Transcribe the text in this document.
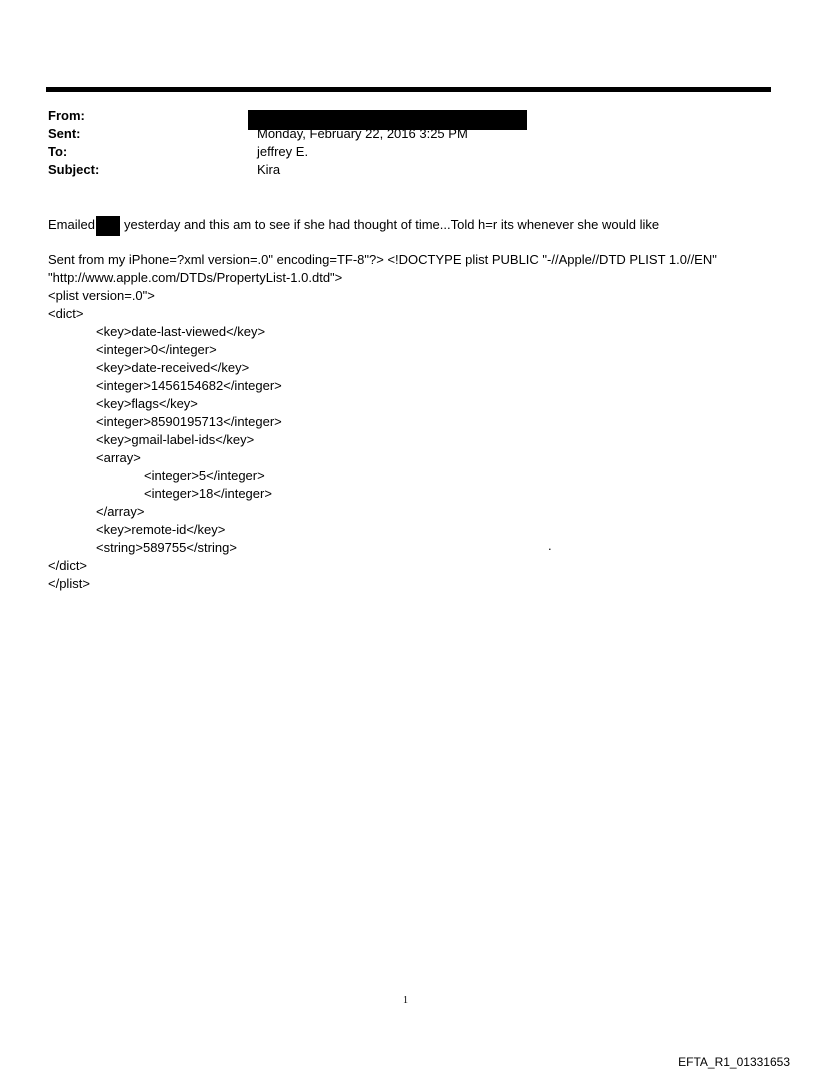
From:
Sent:	Monday, February 22, 2016 3:25 PM
To:	jeffrey E.
Subject:	Kira
Emailed yesterday and this am to see if she had thought of time...Told h=r its whenever she would like
Sent from my iPhone=?xml version=.0" encoding=TF-8"?> <!DOCTYPE plist PUBLIC "-//Apple//DTD PLIST 1.0//EN"
"http://www.apple.com/DTDs/PropertyList-1.0.dtd">
<plist version=.0">
<dict>
<key>date-last-viewed</key>
<integer>0</integer>
<key>date-received</key>
<integer>1456154682</integer>
<key>flags</key>
<integer>8590195713</integer>
<key>gmail-label-ids</key>
<array>
<integer>5</integer>
<integer>18</integer>
</array>
<key>remote-id</key>
<string>589755</string>
</dict>
</plist>
.
1
EFTA_R1_01331653
